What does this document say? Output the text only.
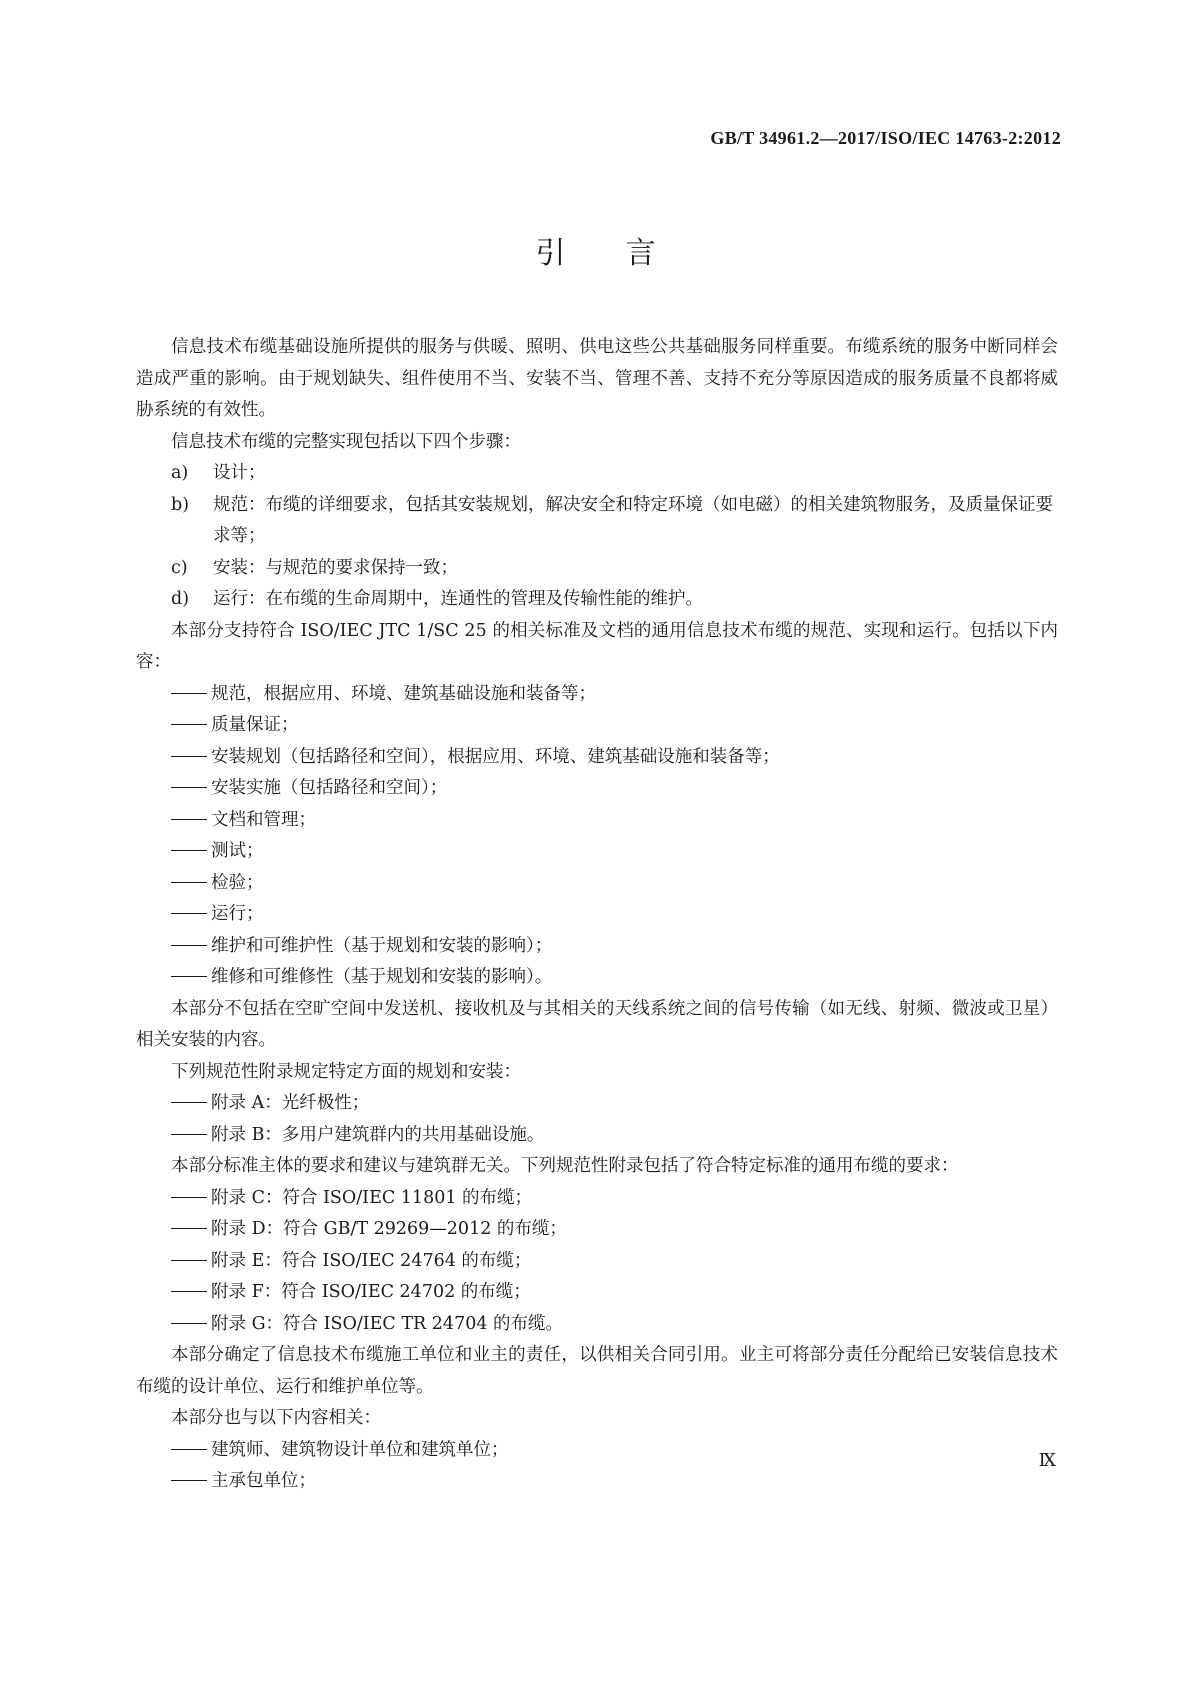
GB/T 34961.2—2017/ISO/IEC 14763-2:2012
引言

信息技术布缆基础设施所提供的服务与供暖、照明、供电这些公共基础服务同样重要。布缆系统的服务中断同样会造成严重的影响。由于规划缺失、组件使用不当、安装不当、管理不善、支持不充分等原因造成的服务质量不良都将威胁系统的有效性。

信息技术布缆的完整实现包括以下四个步骤：

a)	设计；
b)	规范：布缆的详细要求，包括其安装规划，解决安全和特定环境（如电磁）的相关建筑物服务，及质量保证要求等；
c)	安装：与规范的要求保持一致；
d)	运行：在布缆的生命周期中，连通性的管理及传输性能的维护。

本部分支持符合 ISO/IEC JTC 1/SC 25 的相关标准及文档的通用信息技术布缆的规范、实现和运行。包括以下内容：

规范，根据应用、环境、建筑基础设施和装备等；

质量保证；

安装规划（包括路径和空间），根据应用、环境、建筑基础设施和装备等；

安装实施（包括路径和空间）；

文档和管理；

测试；

检验；

运行；

维护和可维护性（基于规划和安装的影响）；

维修和可维修性（基于规划和安装的影响）。

本部分不包括在空旷空间中发送机、接收机及与其相关的天线系统之间的信号传输（如无线、射频、微波或卫星）相关安装的内容。

下列规范性附录规定特定方面的规划和安装：

附录 A：光纤极性；

附录 B：多用户建筑群内的共用基础设施。

本部分标准主体的要求和建议与建筑群无关。下列规范性附录包括了符合特定标准的通用布缆的要求：

附录 C：符合 ISO/IEC 11801 的布缆；

附录 D：符合 GB/T 29269—2012 的布缆；

附录 E：符合 ISO/IEC 24764 的布缆；

附录 F：符合 ISO/IEC 24702 的布缆；

附录 G：符合 ISO/IEC TR 24704 的布缆。

本部分确定了信息技术布缆施工单位和业主的责任，以供相关合同引用。业主可将部分责任分配给已安装信息技术布缆的设计单位、运行和维护单位等。

本部分也与以下内容相关：

建筑师、建筑物设计单位和建筑单位；

主承包单位；

Ⅸ
